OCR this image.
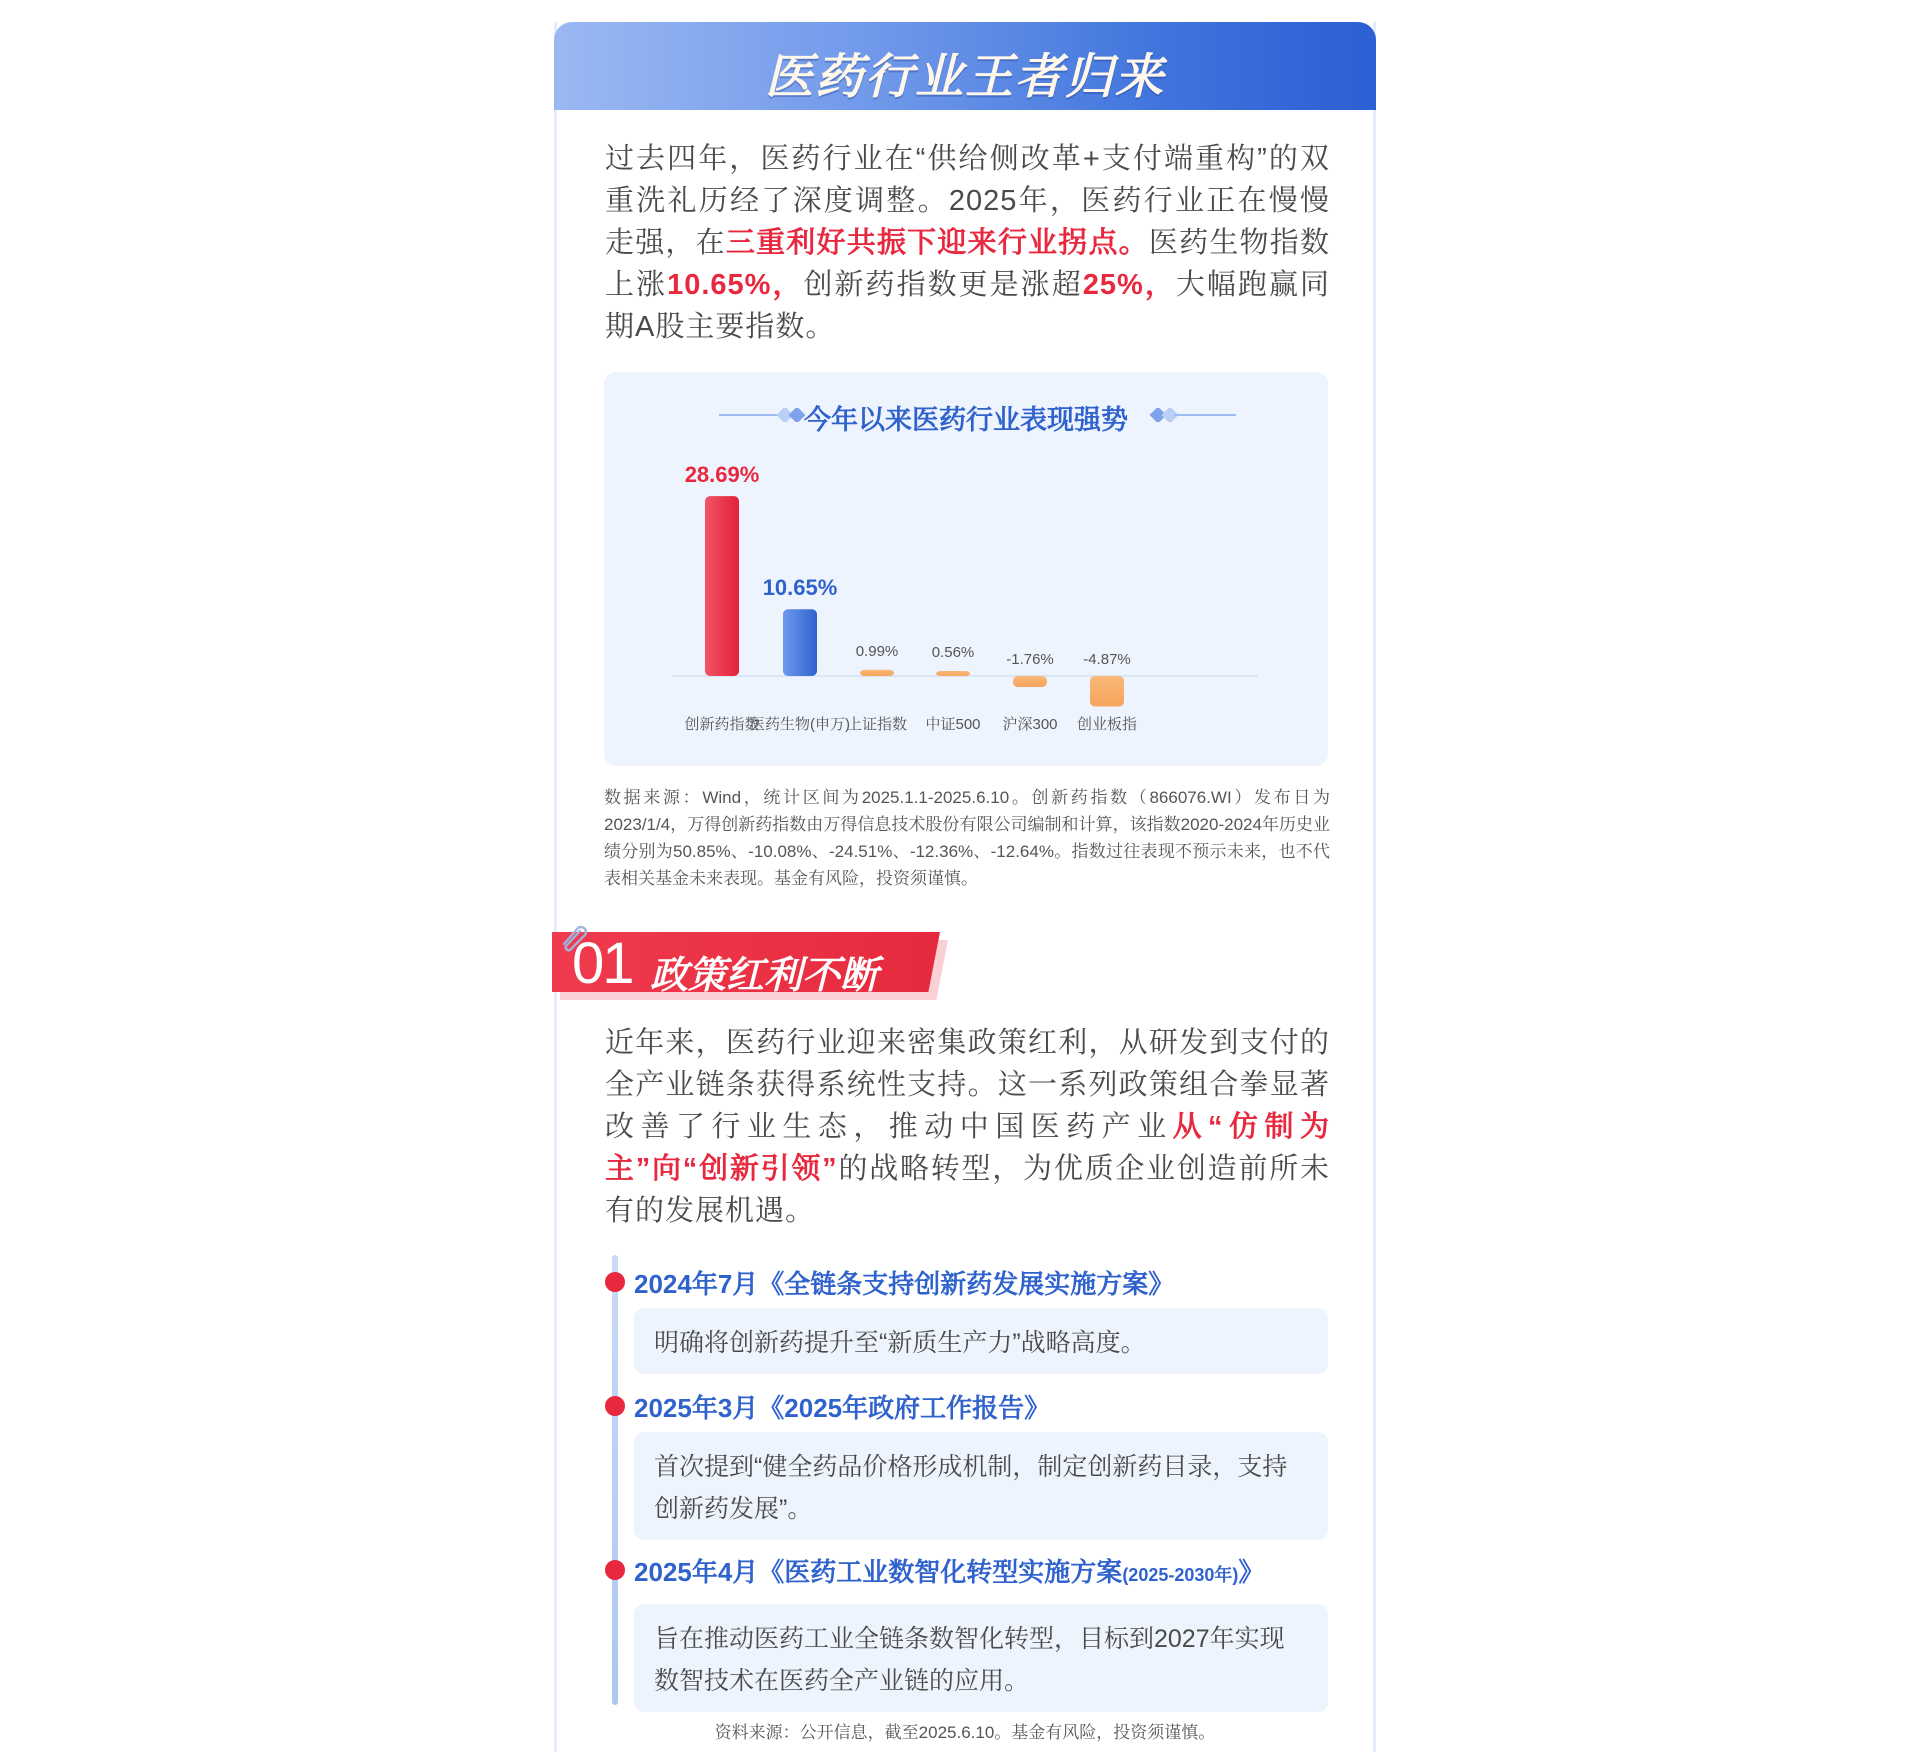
医药行业王者归来
过去四年，医药行业在“供给侧改革+支付端重构”的双重洗礼历经了深度调整。2025年，医药行业正在慢慢走强，在三重利好共振下迎来行业拐点。医药生物指数上涨10.65%，创新药指数更是涨超25%，大幅跑赢同期A股主要指数。
今年以来医药行业表现强势
28.69%
创新药指数
10.65%
医药生物(申万)
0.99%
上证指数
0.56%
中证500
-1.76%
沪深300
-4.87%
创业板指
数据来源：Wind，统计区间为2025.1.1-2025.6.10。创新药指数（866076.WI）发布日为2023/1/4，万得创新药指数由万得信息技术股份有限公司编制和计算，该指数2020-2024年历史业绩分别为50.85%、-10.08%、-24.51%、-12.36%、-12.64%。指数过往表现不预示未来，也不代表相关基金未来表现。基金有风险，投资须谨慎。
01 政策红利不断
近年来，医药行业迎来密集政策红利，从研发到支付的全产业链条获得系统性支持。这一系列政策组合拳显著改善了行业生态，推动中国医药产业从“仿制为主”向“创新引领”的战略转型，为优质企业创造前所未有的发展机遇。
2024年7月《全链条支持创新药发展实施方案》
明确将创新药提升至“新质生产力”战略高度。
2025年3月《2025年政府工作报告》
首次提到“健全药品价格形成机制，制定创新药目录，支持创新药发展”。
2025年4月《医药工业数智化转型实施方案(2025-2030年)》
旨在推动医药工业全链条数智化转型，目标到2027年实现数智技术在医药全产业链的应用。
资料来源：公开信息，截至2025.6.10。基金有风险，投资须谨慎。
